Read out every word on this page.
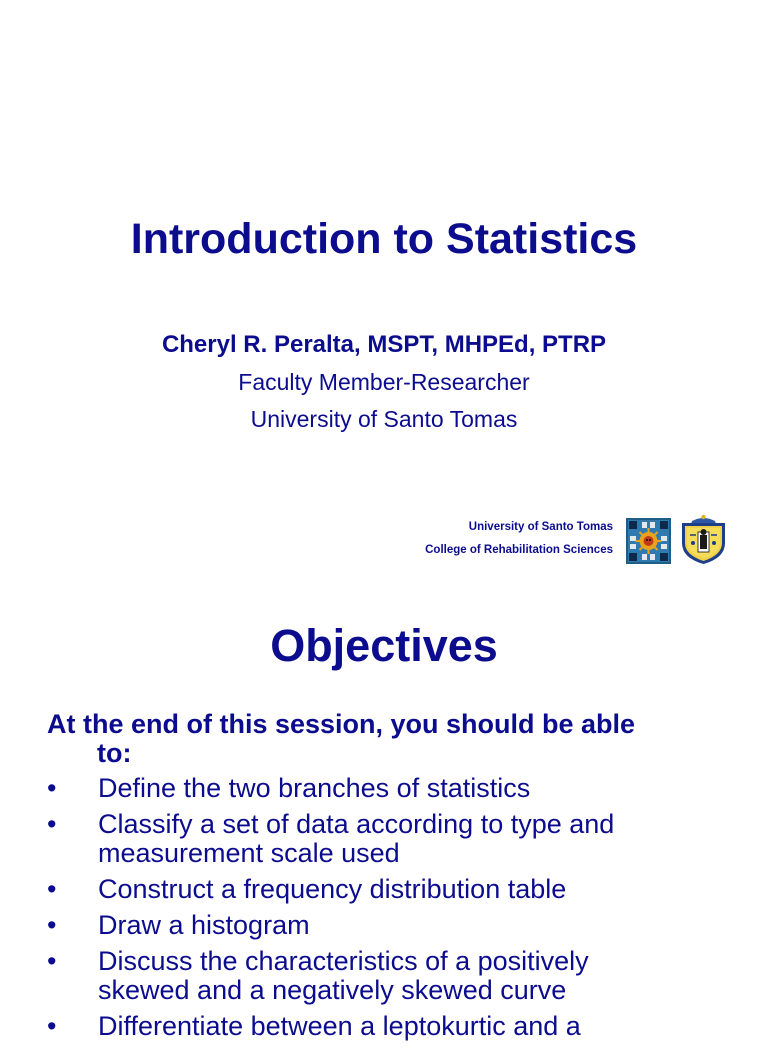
Introduction to Statistics
Cheryl R. Peralta, MSPT, MHPEd, PTRP
Faculty Member-Researcher
University of Santo Tomas
University of Santo Tomas
College of Rehabilitation Sciences
Objectives
At the end of this session, you should be able
to:
• Define the two branches of statistics
• Classify a set of data according to type and
measurement scale used
• Construct a frequency distribution table
• Draw a histogram
• Discuss the characteristics of a positively
skewed and a negatively skewed curve
• Differentiate between a leptokurtic and a
